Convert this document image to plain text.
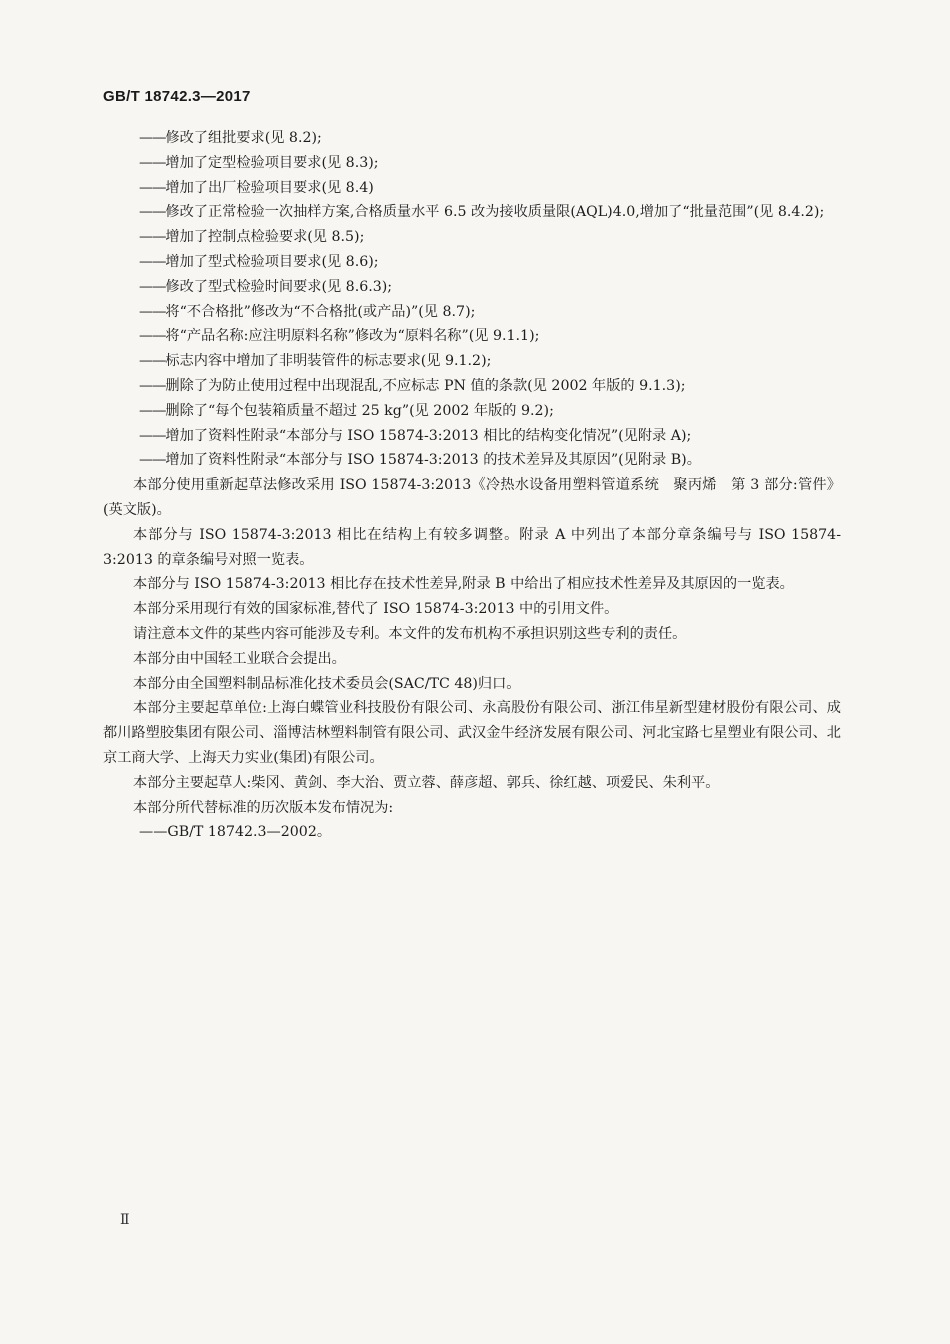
GB/T 18742.3—2017
——修改了组批要求(见 8.2);
——增加了定型检验项目要求(见 8.3);
——增加了出厂检验项目要求(见 8.4)
——修改了正常检验一次抽样方案,合格质量水平 6.5 改为接收质量限(AQL)4.0,增加了“批量范围”(见 8.4.2);
——增加了控制点检验要求(见 8.5);
——增加了型式检验项目要求(见 8.6);
——修改了型式检验时间要求(见 8.6.3);
——将“不合格批”修改为“不合格批(或产品)”(见 8.7);
——将“产品名称:应注明原料名称”修改为“原料名称”(见 9.1.1);
——标志内容中增加了非明装管件的标志要求(见 9.1.2);
——删除了为防止使用过程中出现混乱,不应标志 PN 值的条款(见 2002 年版的 9.1.3);
——删除了“每个包装箱质量不超过 25 kg”(见 2002 年版的 9.2);
——增加了资料性附录“本部分与 ISO 15874-3:2013 相比的结构变化情况”(见附录 A);
——增加了资料性附录“本部分与 ISO 15874-3:2013 的技术差异及其原因”(见附录 B)。

本部分使用重新起草法修改采用 ISO 15874-3:2013《冷热水设备用塑料管道系统　聚丙烯　第 3 部分:管件》(英文版)。

本部分与 ISO 15874-3:2013 相比在结构上有较多调整。附录 A 中列出了本部分章条编号与 ISO 15874-3:2013 的章条编号对照一览表。

本部分与 ISO 15874-3:2013 相比存在技术性差异,附录 B 中给出了相应技术性差异及其原因的一览表。

本部分采用现行有效的国家标准,替代了 ISO 15874-3:2013 中的引用文件。

请注意本文件的某些内容可能涉及专利。本文件的发布机构不承担识别这些专利的责任。

本部分由中国轻工业联合会提出。

本部分由全国塑料制品标准化技术委员会(SAC/TC 48)归口。

本部分主要起草单位:上海白蝶管业科技股份有限公司、永高股份有限公司、浙江伟星新型建材股份有限公司、成都川路塑胶集团有限公司、淄博洁林塑料制管有限公司、武汉金牛经济发展有限公司、河北宝路七星塑业有限公司、北京工商大学、上海天力实业(集团)有限公司。

本部分主要起草人:柴冈、黄剑、李大治、贾立蓉、薛彦超、郭兵、徐红越、项爱民、朱利平。

本部分所代替标准的历次版本发布情况为:

——GB/T 18742.3—2002。
Ⅱ
